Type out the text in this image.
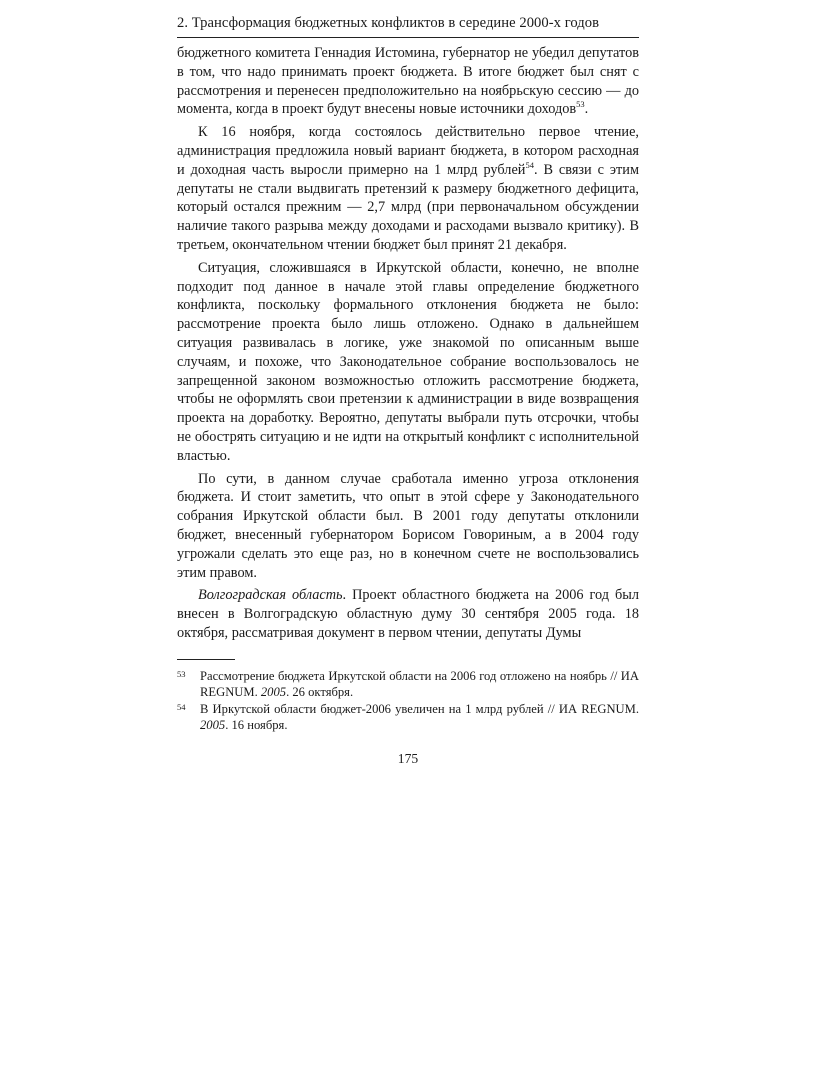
2. Трансформация бюджетных конфликтов в середине 2000-х годов

бюджетного комитета Геннадия Истомина, губернатор не убедил депутатов в том, что надо принимать проект бюджета. В итоге бюджет был снят с рассмотрения и перенесен предположительно на ноябрьскую сессию — до момента, когда в проект будут внесены новые источники доходов$^{53}$.

К 16 ноября, когда состоялось действительно первое чтение, администрация предложила новый вариант бюджета, в котором расходная и доходная часть выросли примерно на 1 млрд рублей$^{54}$. В связи с этим депутаты не стали выдвигать претензий к размеру бюджетного дефицита, который остался прежним — 2,7 млрд (при первоначальном обсуждении наличие такого разрыва между доходами и расходами вызвало критику). В третьем, окончательном чтении бюджет был принят 21 декабря.

Ситуация, сложившаяся в Иркутской области, конечно, не вполне подходит под данное в начале этой главы определение бюджетного конфликта, поскольку формального отклонения бюджета не было: рассмотрение проекта было лишь отложено. Однако в дальнейшем ситуация развивалась в логике, уже знакомой по описанным выше случаям, и похоже, что Законодательное собрание воспользовалось не запрещенной законом возможностью отложить рассмотрение бюджета, чтобы не оформлять свои претензии к администрации в виде возвращения проекта на доработку. Вероятно, депутаты выбрали путь отсрочки, чтобы не обострять ситуацию и не идти на открытый конфликт с исполнительной властью.

По сути, в данном случае сработала именно угроза отклонения бюджета. И стоит заметить, что опыт в этой сфере у Законодательного собрания Иркутской области был. В 2001 году депутаты отклонили бюджет, внесенный губернатором Борисом Говориным, а в 2004 году угрожали сделать это еще раз, но в конечном счете не воспользовались этим правом.

Волгоградская область. Проект областного бюджета на 2006 год был внесен в Волгоградскую областную думу 30 сентября 2005 года. 18 октября, рассматривая документ в первом чтении, депутаты Думы

53	Рассмотрение бюджета Иркутской области на 2006 год отложено на ноябрь // ИА REGNUM. 2005. 26 октября.
54	В Иркутской области бюджет-2006 увеличен на 1 млрд рублей // ИА REGNUM. 2005. 16 ноября.
175
